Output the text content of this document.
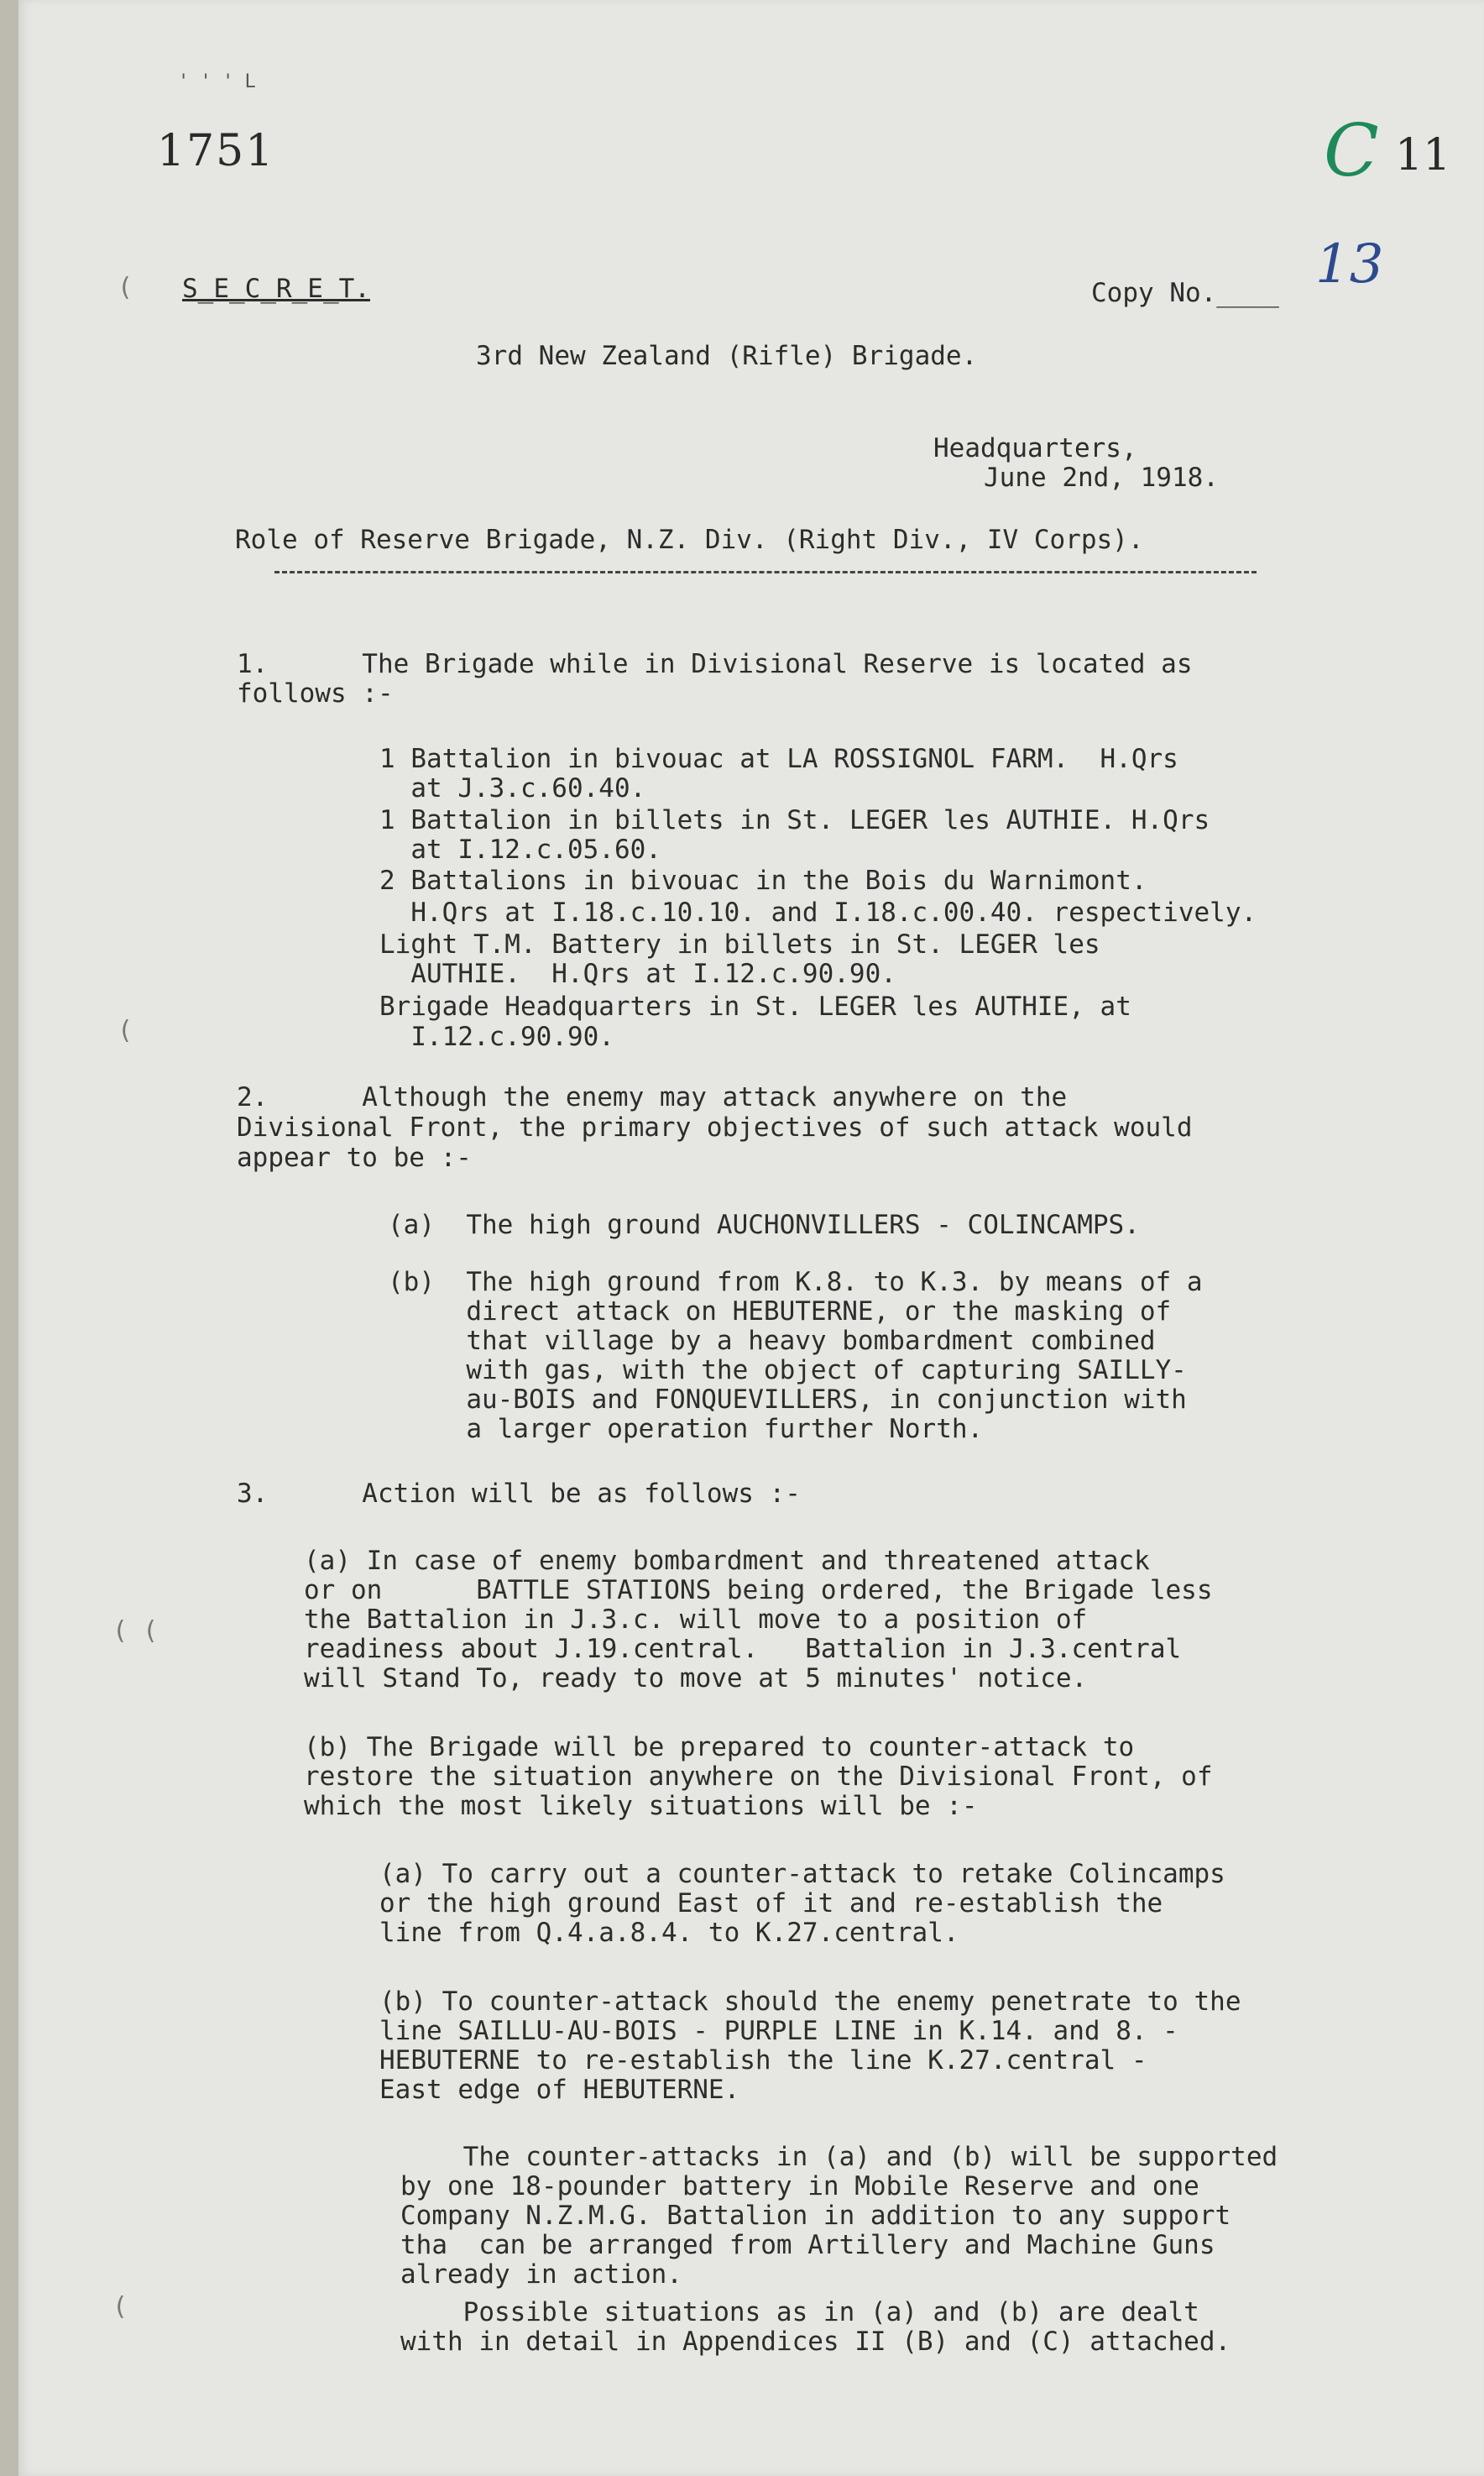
' ' ' L
1751	C 11
(
(
( (
(
S_E_C_R_E_T.	Copy No.____ 13
3rd New Zealand (Rifle) Brigade.
Headquarters,
June 2nd, 1918.
Role of Reserve Brigade, N.Z. Div. (Right Div., IV Corps).
1.      The Brigade while in Divisional Reserve is located as
follows :-
1 Battalion in bivouac at LA ROSSIGNOL FARM.  H.Qrs
at J.3.c.60.40.
1 Battalion in billets in St. LEGER les AUTHIE. H.Qrs
at I.12.c.05.60.
2 Battalions in bivouac in the Bois du Warnimont.
H.Qrs at I.18.c.10.10. and I.18.c.00.40. respectively.
Light T.M. Battery in billets in St. LEGER les
AUTHIE.  H.Qrs at I.12.c.90.90.
Brigade Headquarters in St. LEGER les AUTHIE, at
I.12.c.90.90.
2.      Although the enemy may attack anywhere on the
Divisional Front, the primary objectives of such attack would
appear to be :-
(a)  The high ground AUCHONVILLERS - COLINCAMPS.
(b)  The high ground from K.8. to K.3. by means of a
direct attack on HEBUTERNE, or the masking of
that village by a heavy bombardment combined
with gas, with the object of capturing SAILLY-
au-BOIS and FONQUEVILLERS, in conjunction with
a larger operation further North.
3.      Action will be as follows :-
(a) In case of enemy bombardment and threatened attack
or on      BATTLE STATIONS being ordered, the Brigade less
the Battalion in J.3.c. will move to a position of
readiness about J.19.central.   Battalion in J.3.central
will Stand To, ready to move at 5 minutes' notice.
(b) The Brigade will be prepared to counter-attack to
restore the situation anywhere on the Divisional Front, of
which the most likely situations will be :-
(a) To carry out a counter-attack to retake Colincamps
or the high ground East of it and re-establish the
line from Q.4.a.8.4. to K.27.central.
(b) To counter-attack should the enemy penetrate to the
line SAILLU-AU-BOIS - PURPLE LINE in K.14. and 8. -
HEBUTERNE to re-establish the line K.27.central -
East edge of HEBUTERNE.
The counter-attacks in (a) and (b) will be supported
by one 18-pounder battery in Mobile Reserve and one
Company N.Z.M.G. Battalion in addition to any support
tha  can be arranged from Artillery and Machine Guns
already in action.
Possible situations as in (a) and (b) are dealt
with in detail in Appendices II (B) and (C) attached.
